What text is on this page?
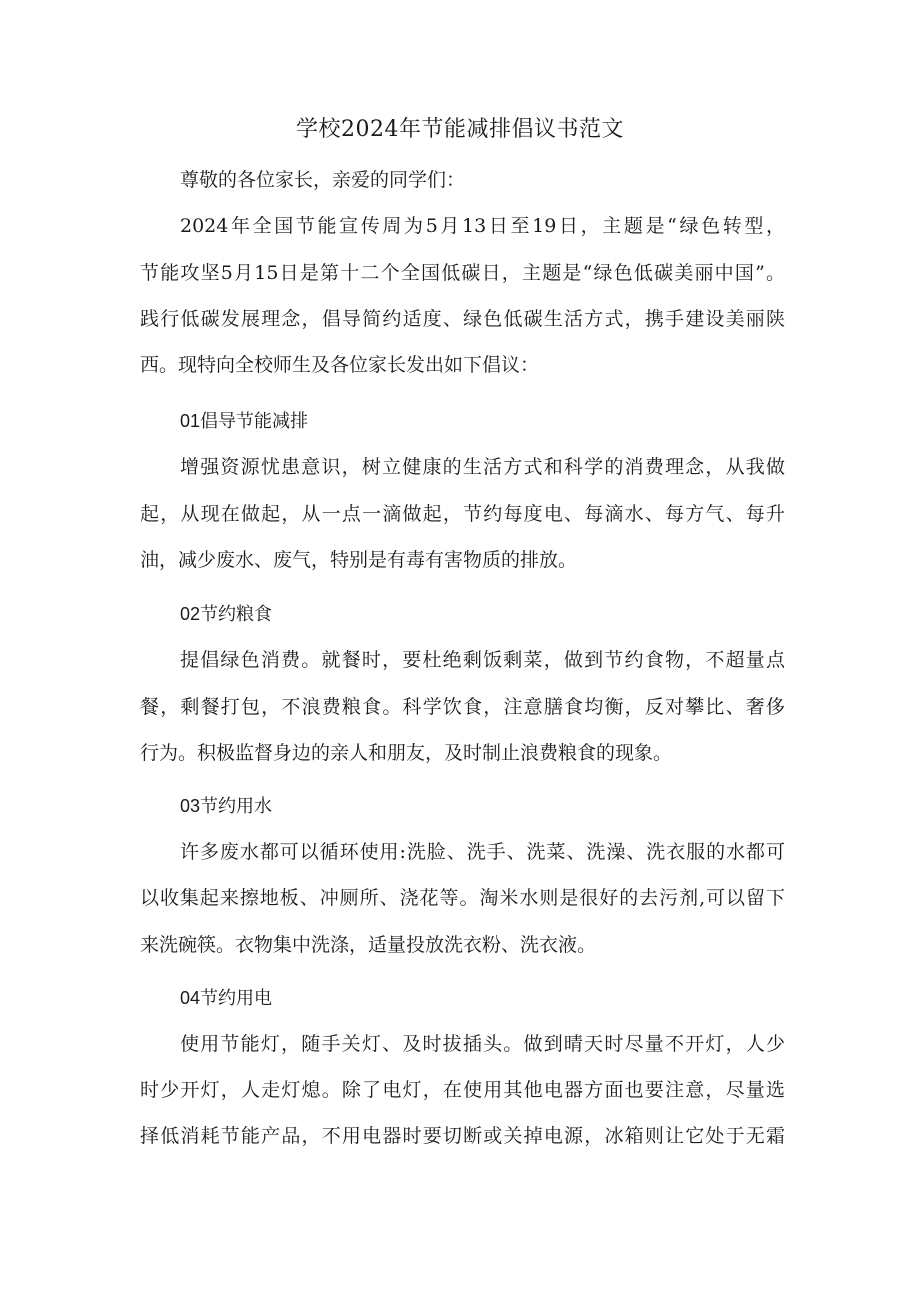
学校2024年节能减排倡议书范文
尊敬的各位家长，亲爱的同学们：
2024年全国节能宣传周为5月13日至19日，主题是“绿色转型，
节能攻坚5月15日是第十二个全国低碳日，主题是“绿色低碳美丽中国”。
践行低碳发展理念，倡导简约适度、绿色低碳生活方式，携手建设美丽陕
西。现特向全校师生及各位家长发出如下倡议：
01倡导节能减排
增强资源忧患意识，树立健康的生活方式和科学的消费理念，从我做
起，从现在做起，从一点一滴做起，节约每度电、每滴水、每方气、每升
油，减少废水、废气，特别是有毒有害物质的排放。
02节约粮食
提倡绿色消费。就餐时，要杜绝剩饭剩菜，做到节约食物，不超量点
餐，剩餐打包，不浪费粮食。科学饮食，注意膳食均衡，反对攀比、奢侈
行为。积极监督身边的亲人和朋友，及时制止浪费粮食的现象。
03节约用水
许多废水都可以循环使用:洗脸、洗手、洗菜、洗澡、洗衣服的水都可
以收集起来擦地板、冲厕所、浇花等。淘米水则是很好的去污剂,可以留下
来洗碗筷。衣物集中洗涤，适量投放洗衣粉、洗衣液。
04节约用电
使用节能灯，随手关灯、及时拔插头。做到晴天时尽量不开灯，人少
时少开灯，人走灯熄。除了电灯，在使用其他电器方面也要注意，尽量选
择低消耗节能产品，不用电器时要切断或关掉电源，冰箱则让它处于无霜
